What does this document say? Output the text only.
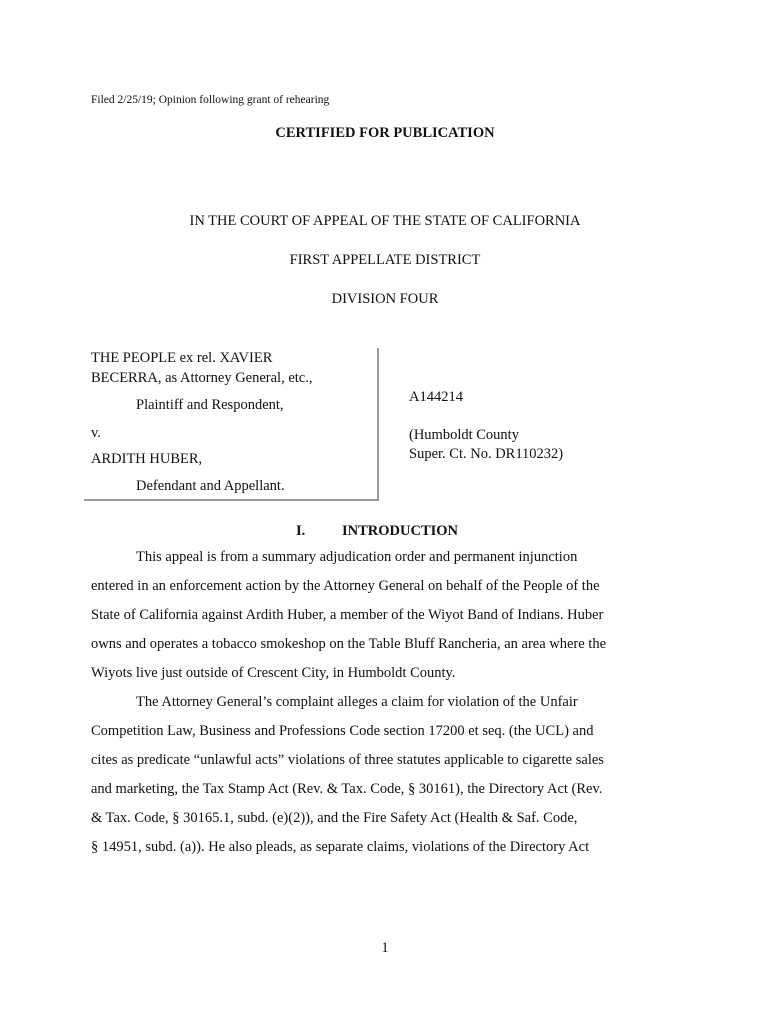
Filed 2/25/19; Opinion following grant of rehearing
CERTIFIED FOR PUBLICATION
IN THE COURT OF APPEAL OF THE STATE OF CALIFORNIA
FIRST APPELLATE DISTRICT
DIVISION FOUR
THE PEOPLE ex rel. XAVIER
BECERRA, as Attorney General, etc.,
Plaintiff and Respondent,
v.
ARDITH HUBER,
Defendant and Appellant.
A144214
(Humboldt County
Super. Ct. No. DR110232)
I.	INTRODUCTION
This appeal is from a summary adjudication order and permanent injunction
entered in an enforcement action by the Attorney General on behalf of the People of the
State of California against Ardith Huber, a member of the Wiyot Band of Indians. Huber
owns and operates a tobacco smokeshop on the Table Bluff Rancheria, an area where the
Wiyots live just outside of Crescent City, in Humboldt County.
The Attorney General’s complaint alleges a claim for violation of the Unfair
Competition Law, Business and Professions Code section 17200 et seq. (the UCL) and
cites as predicate “unlawful acts” violations of three statutes applicable to cigarette sales
and marketing, the Tax Stamp Act (Rev. & Tax. Code, § 30161), the Directory Act (Rev.
& Tax. Code, § 30165.1, subd. (e)(2)), and the Fire Safety Act (Health & Saf. Code,
§ 14951, subd. (a)). He also pleads, as separate claims, violations of the Directory Act
1
